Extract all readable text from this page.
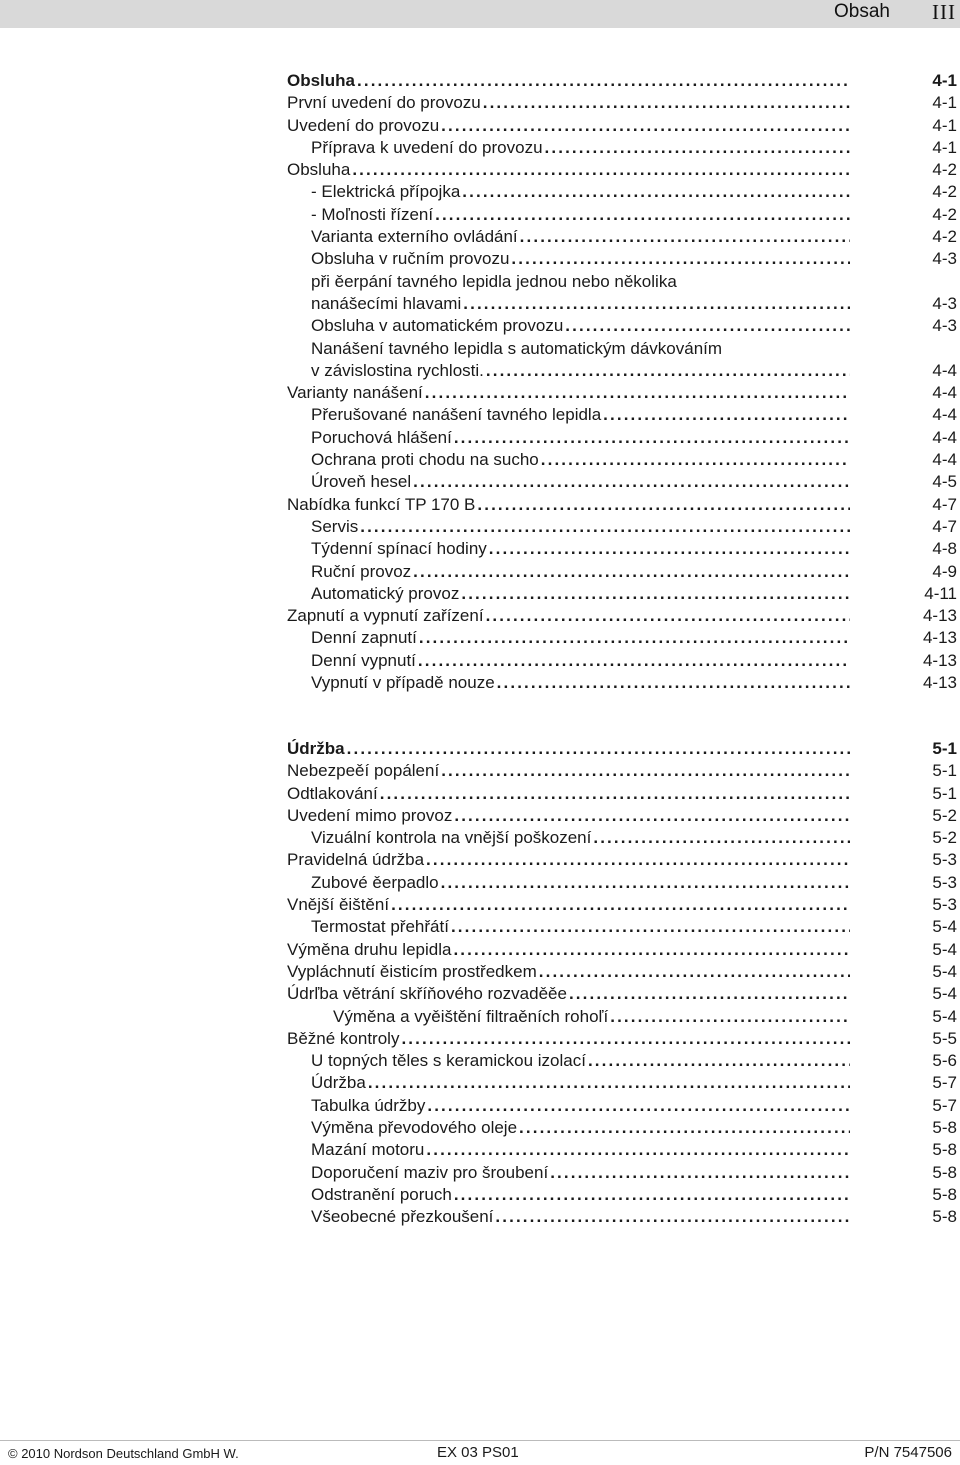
Obsah III
Obsluha . . .	4-1
První uvedení do provozu . . .	4-1
Uvedení do provozu . . .	4-1
Příprava k uvedení do provozu . . .	4-1
Obsluha . . .	4-2
- Elektrická přípojka . . .	4-2
- Moľnosti řízení . . .	4-2
Varianta externího ovládání . . .	4-2
Obsluha v ručním provozu . . .	4-3
při ěerpání tavného lepidla jednou nebo několika
nanášecími hlavami . . .	4-3
Obsluha v automatickém provozu . . .	4-3
Nanášení tavného lepidla s automatickým dávkováním
v závislostina rychlosti. . . .	4-4
Varianty nanášení . . .	4-4
Přerušované nanášení tavného lepidla . . .	4-4
Poruchová hlášení . . .	4-4
Ochrana proti chodu na sucho . . .	4-4
Úroveň hesel . . .	4-5
Nabídka funkcí TP 170 B . . .	4-7
Servis . . .	4-7
Týdenní spínací hodiny . . .	4-8
Ruční provoz . . .	4-9
Automatický provoz . . .	4-11
Zapnutí a vypnutí zařízení . . .	4-13
Denní zapnutí . . .	4-13
Denní vypnutí . . .	4-13
Vypnutí v případě nouze . . .	4-13
Údržba . . .	5-1
Nebezpeěí popálení . . .	5-1
Odtlakování . . .	5-1
Uvedení mimo provoz . . .	5-2
Vizuální kontrola na vnější poškození . . .	5-2
Pravidelná údržba . . .	5-3
Zubové ěerpadlo . . .	5-3
Vnější ěištění . . .	5-3
Termostat přehřátí . . .	5-4
Výměna druhu lepidla . . .	5-4
Vypláchnutí ěisticím prostředkem . . .	5-4
Údrľba větrání skříňového rozvaděěe . . .	5-4
Výměna a vyěištění filtraěních rohoľí . . .	5-4
Běžné kontroly . . .	5-5
U topných těles s keramickou izolací . . .	5-6
Údržba . . .	5-7
Tabulka údržby . . .	5-7
Výměna převodového oleje . . .	5-8
Mazání motoru . . .	5-8
Doporučení maziv pro šroubení . . .	5-8
Odstranění poruch . . .	5-8
Všeobecné přezkoušení . . .	5-8
© 2010 Nordson Deutschland GmbH W.	EX 03 PS01	P/N 7547506
